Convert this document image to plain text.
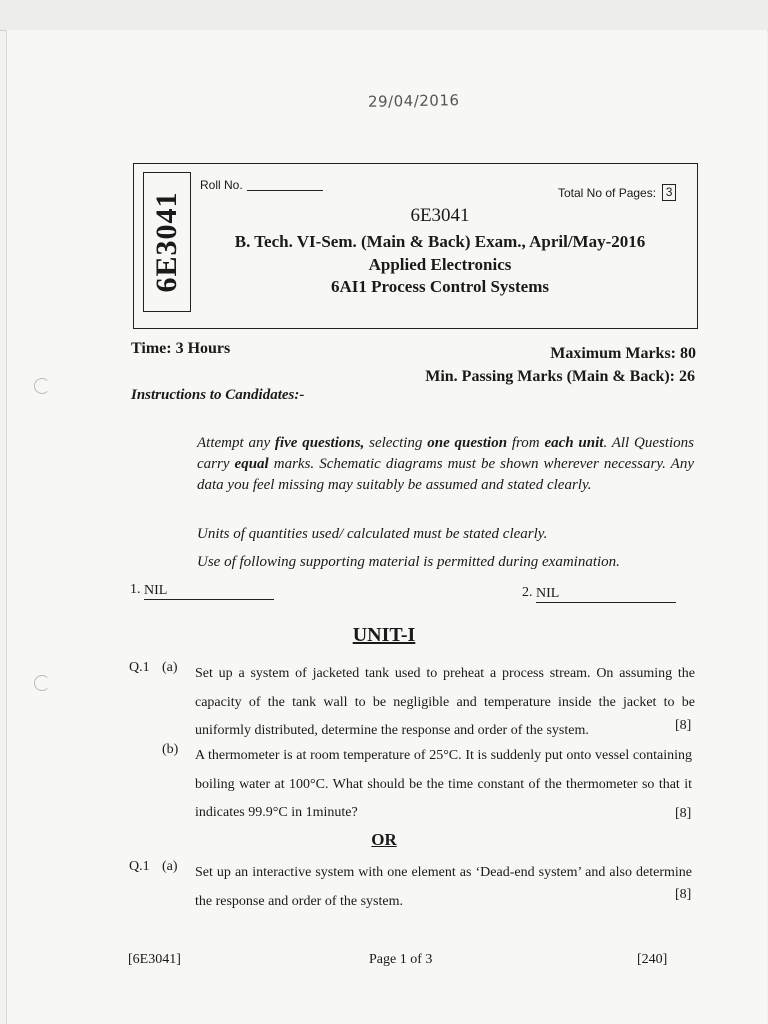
29/04/2016
6E3041
Roll No.
Total No of Pages: 3
6E3041
B. Tech. VI-Sem. (Main & Back) Exam., April/May-2016
Applied Electronics
6AI1 Process Control Systems
Time: 3 Hours	Maximum Marks: 80
Min. Passing Marks (Main & Back): 26
Instructions to Candidates:-
Attempt any five questions, selecting one question from each unit. All Questions carry equal marks. Schematic diagrams must be shown wherever necessary. Any data you feel missing may suitably be assumed and stated clearly.
Units of quantities used/ calculated must be stated clearly.
Use of following supporting material is permitted during examination.
1. NIL	2. NIL
UNIT-I
Q.1 (a) Set up a system of jacketed tank used to preheat a process stream. On assuming the capacity of the tank wall to be negligible and temperature inside the jacket to be uniformly distributed, determine the response and order of the system.	[8]
(b) A thermometer is at room temperature of 25°C. It is suddenly put onto vessel containing boiling water at 100°C. What should be the time constant of the thermometer so that it indicates 99.9°C in 1minute?	[8]
OR
Q.1 (a) Set up an interactive system with one element as ‘Dead-end system’ and also determine the response and order of the system.	[8]
[6E3041]	Page 1 of 3	[240]
